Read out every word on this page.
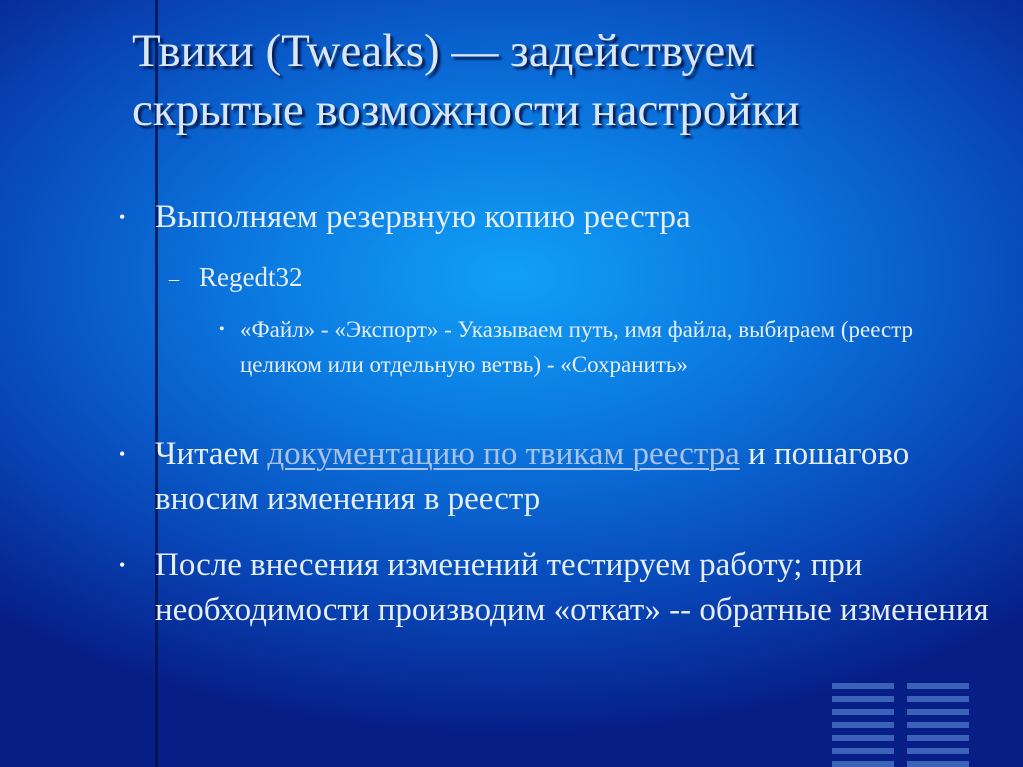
Твики (Tweaks) — задействуем
скрытые возможности настройки
• Выполняем резервную копию реестра
– Regedt32
• «Файл» - «Экспорт» - Указываем путь, имя файла, выбираем (реестр целиком или отдельную ветвь) - «Сохранить»
• Читаем документацию по твикам реестра и пошагово вносим изменения в реестр
• После внесения изменений тестируем работу; при необходимости производим «откат» -- обратные изменения
